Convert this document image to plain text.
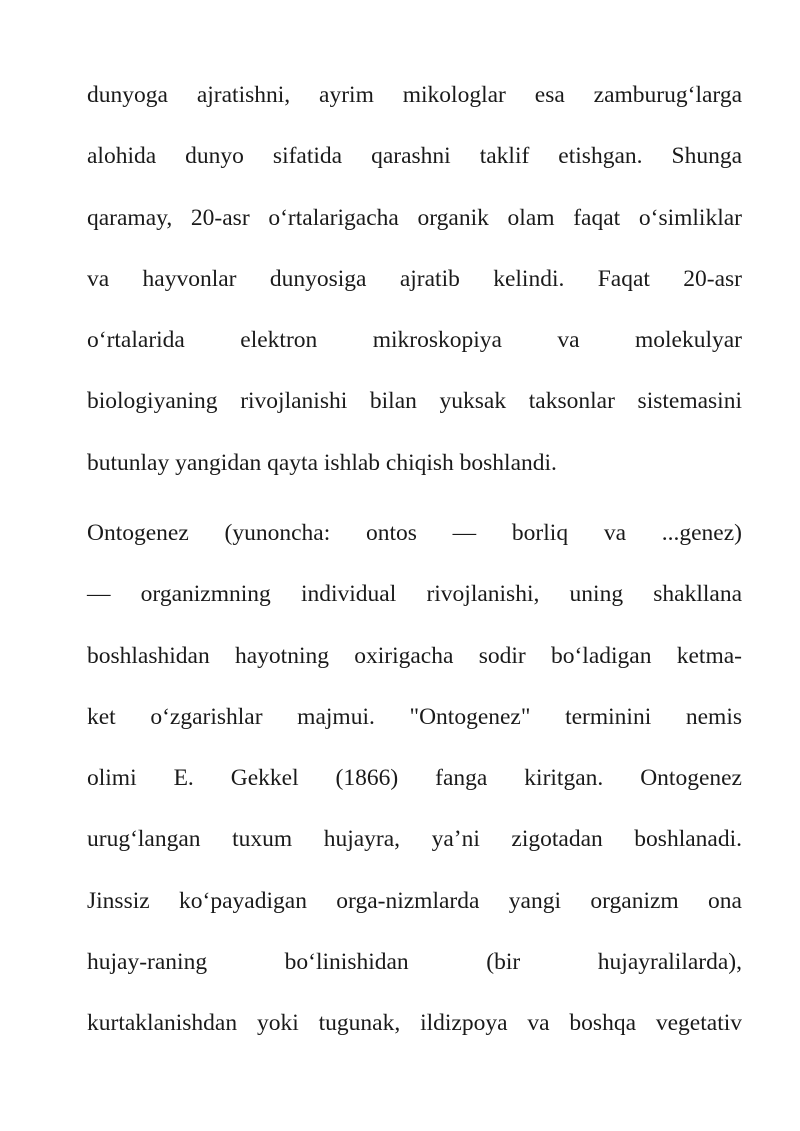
dunyoga ajratishni, ayrim mikologlar esa zamburug‘larga
alohida dunyo sifatida qarashni taklif etishgan. Shunga
qaramay, 20-asr o‘rtalarigacha organik olam faqat o‘simliklar
va hayvonlar dunyosiga ajratib kelindi. Faqat 20-asr
o‘rtalarida elektron mikroskopiya va molekulyar
biologiyaning rivojlanishi bilan yuksak taksonlar sistemasini
butunlay yangidan qayta ishlab chiqish boshlandi.
Ontogenez (yunoncha: ontos — borliq va ...genez)
— organizmning individual rivojlanishi, uning shakllana
boshlashidan hayotning oxirigacha sodir bo‘ladigan ketma-
ket o‘zgarishlar majmui. "Ontogenez" terminini nemis
olimi E. Gekkel (1866) fanga kiritgan. Ontogenez
urug‘langan tuxum hujayra, ya’ni zigotadan boshlanadi.
Jinssiz ko‘payadigan orga-nizmlarda yangi organizm ona
hujay-raning bo‘linishidan (bir hujayralilarda),
kurtaklanishdan yoki tugunak, ildizpoya va boshqa vegetativ
